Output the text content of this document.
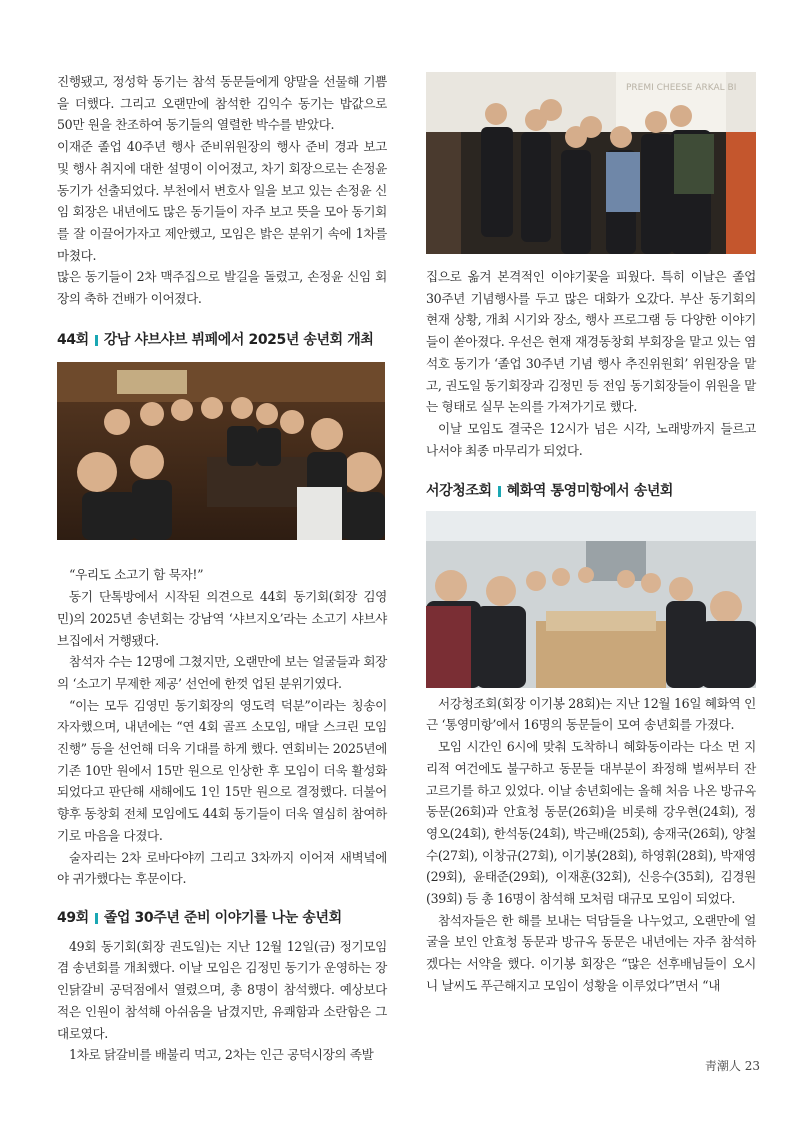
진행됐고, 정성학 동기는 참석 동문들에게 양말을 선물해 기쁨을 더했다. 그리고 오랜만에 참석한 김익수 동기는 밥값으로 50만 원을 찬조하여 동기들의 열렬한 박수를 받았다.

이재준 졸업 40주년 행사 준비위원장의 행사 준비 경과 보고 및 행사 취지에 대한 설명이 이어졌고, 차기 회장으로는 손정윤 동기가 선출되었다. 부천에서 변호사 일을 보고 있는 손정윤 신임 회장은 내년에도 많은 동기들이 자주 보고 뜻을 모아 동기회를 잘 이끌어가자고 제안했고, 모임은 밝은 분위기 속에 1차를 마쳤다.

많은 동기들이 2차 맥주집으로 발길을 돌렸고, 손정윤 신임 회장의 축하 건배가 이어졌다.

44회 강남 샤브샤브 뷔페에서 2025년 송년회 개최

“우리도 소고기 함 묵자!”

동기 단톡방에서 시작된 의견으로 44회 동기회(회장 김영민)의 2025년 송년회는 강남역 ‘샤브지오’라는 소고기 샤브샤브집에서 거행됐다.

참석자 수는 12명에 그쳤지만, 오랜만에 보는 얼굴들과 회장의 ‘소고기 무제한 제공’ 선언에 한껏 업된 분위기였다.

“이는 모두 김영민 동기회장의 영도력 덕분”이라는 칭송이 자자했으며, 내년에는 “연 4회 골프 소모임, 매달 스크린 모임 진행” 등을 선언해 더욱 기대를 하게 했다. 연회비는 2025년에 기존 10만 원에서 15만 원으로 인상한 후 모임이 더욱 활성화되었다고 판단해 새해에도 1인 15만 원으로 결정했다. 더불어 향후 동창회 전체 모임에도 44회 동기들이 더욱 열심히 참여하기로 마음을 다졌다.

술자리는 2차 로바다야끼 그리고 3차까지 이어져 새벽녘에야 귀가했다는 후문이다.

49회 졸업 30주년 준비 이야기를 나눈 송년회

49회 동기회(회장 권도일)는 지난 12월 12일(금) 정기모임 겸 송년회를 개최했다. 이날 모임은 김정민 동기가 운영하는 장인닭갈비 공덕점에서 열렸으며, 총 8명이 참석했다. 예상보다 적은 인원이 참석해 아쉬움을 남겼지만, 유쾌함과 소란함은 그대로였다.

1차로 닭갈비를 배불리 먹고, 2차는 인근 공덕시장의 족발

PREMI CHEESE ARKAL BI

집으로 옮겨 본격적인 이야기꽃을 피웠다. 특히 이날은 졸업 30주년 기념행사를 두고 많은 대화가 오갔다. 부산 동기회의 현재 상황, 개최 시기와 장소, 행사 프로그램 등 다양한 이야기들이 쏟아졌다. 우선은 현재 재경동창회 부회장을 맡고 있는 염석호 동기가 ‘졸업 30주년 기념 행사 추진위원회’ 위원장을 맡고, 권도일 동기회장과 김정민 등 전임 동기회장들이 위원을 맡는 형태로 실무 논의를 가져가기로 했다.

이날 모임도 결국은 12시가 넘은 시각, 노래방까지 들르고 나서야 최종 마무리가 되었다.

서강청조회 혜화역 통영미항에서 송년회

서강청조회(회장 이기봉 28회)는 지난 12월 16일 혜화역 인근 ‘통영미항’에서 16명의 동문들이 모여 송년회를 가졌다.

모임 시간인 6시에 맞춰 도착하니 혜화동이라는 다소 먼 지리적 여건에도 불구하고 동문들 대부분이 좌정해 벌써부터 잔 고르기를 하고 있었다. 이날 송년회에는 올해 처음 나온 방규옥 동문(26회)과 안효청 동문(26회)을 비롯해 강우현(24회), 정영오(24회), 한석동(24회), 박근배(25회), 송재국(26회), 양철수(27회), 이창규(27회), 이기봉(28회), 하영휘(28회), 박재영(29회), 윤태준(29회), 이재훈(32회), 신응수(35회), 김경원(39회) 등 총 16명이 참석해 모처럼 대규모 모임이 되었다.

참석자들은 한 해를 보내는 덕담들을 나누었고, 오랜만에 얼굴을 보인 안효청 동문과 방규옥 동문은 내년에는 자주 참석하겠다는 서약을 했다. 이기봉 회장은 “많은 선후배님들이 오시니 날씨도 푸근해지고 모임이 성황을 이루었다”면서 “내

靑潮人 23
